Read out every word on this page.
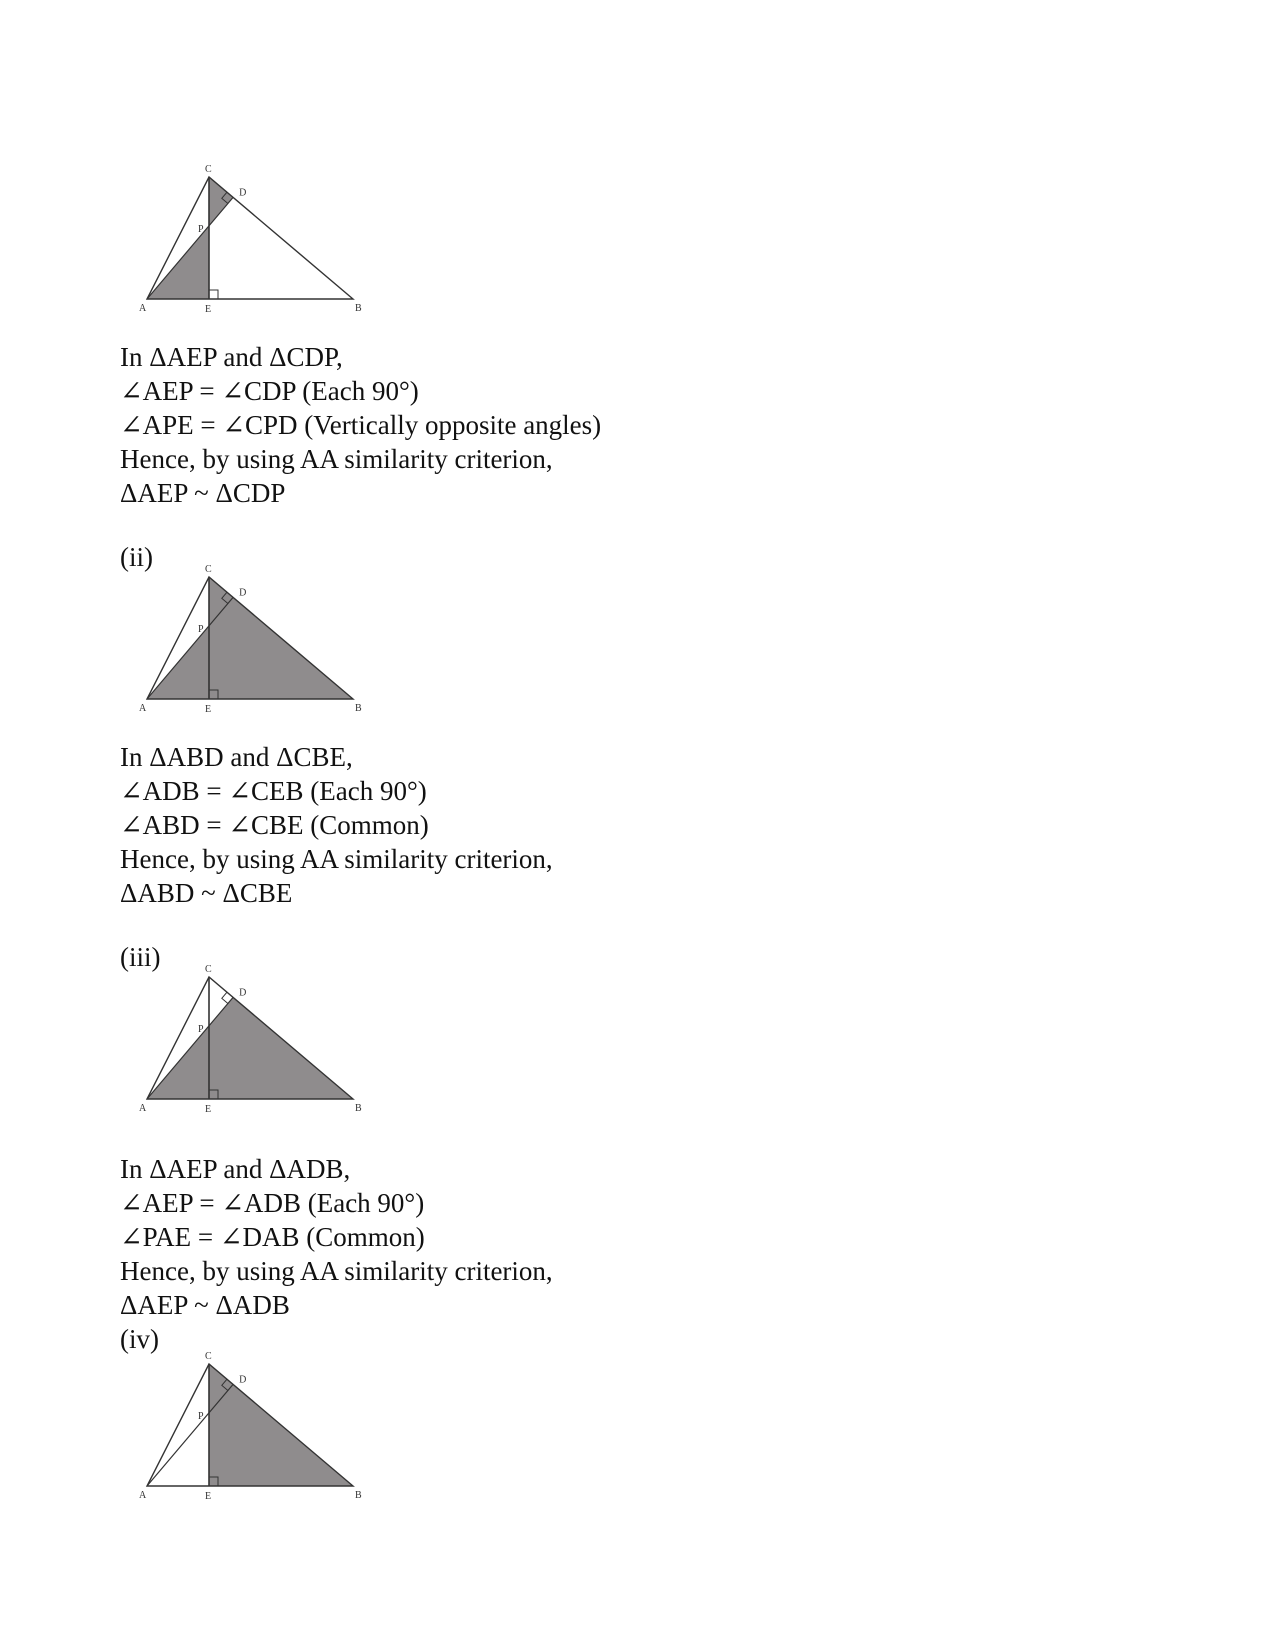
A	B
C
D
E
P
In ΔAEP and ΔCDP,
∠AEP = ∠CDP (Each 90°)
∠APE = ∠CPD (Vertically opposite angles)
Hence, by using AA similarity criterion,
ΔAEP ~ ΔCDP
(ii)
A	B
C
D
E
P
In ΔABD and ΔCBE,
∠ADB = ∠CEB (Each 90°)
∠ABD = ∠CBE (Common)
Hence, by using AA similarity criterion,
ΔABD ~ ΔCBE
(iii)
A	B
C
D
E
P
In ΔAEP and ΔADB,
∠AEP = ∠ADB (Each 90°)
∠PAE = ∠DAB (Common)
Hence, by using AA similarity criterion,
ΔAEP ~ ΔADB
(iv)
A	B
C
D
E
P
